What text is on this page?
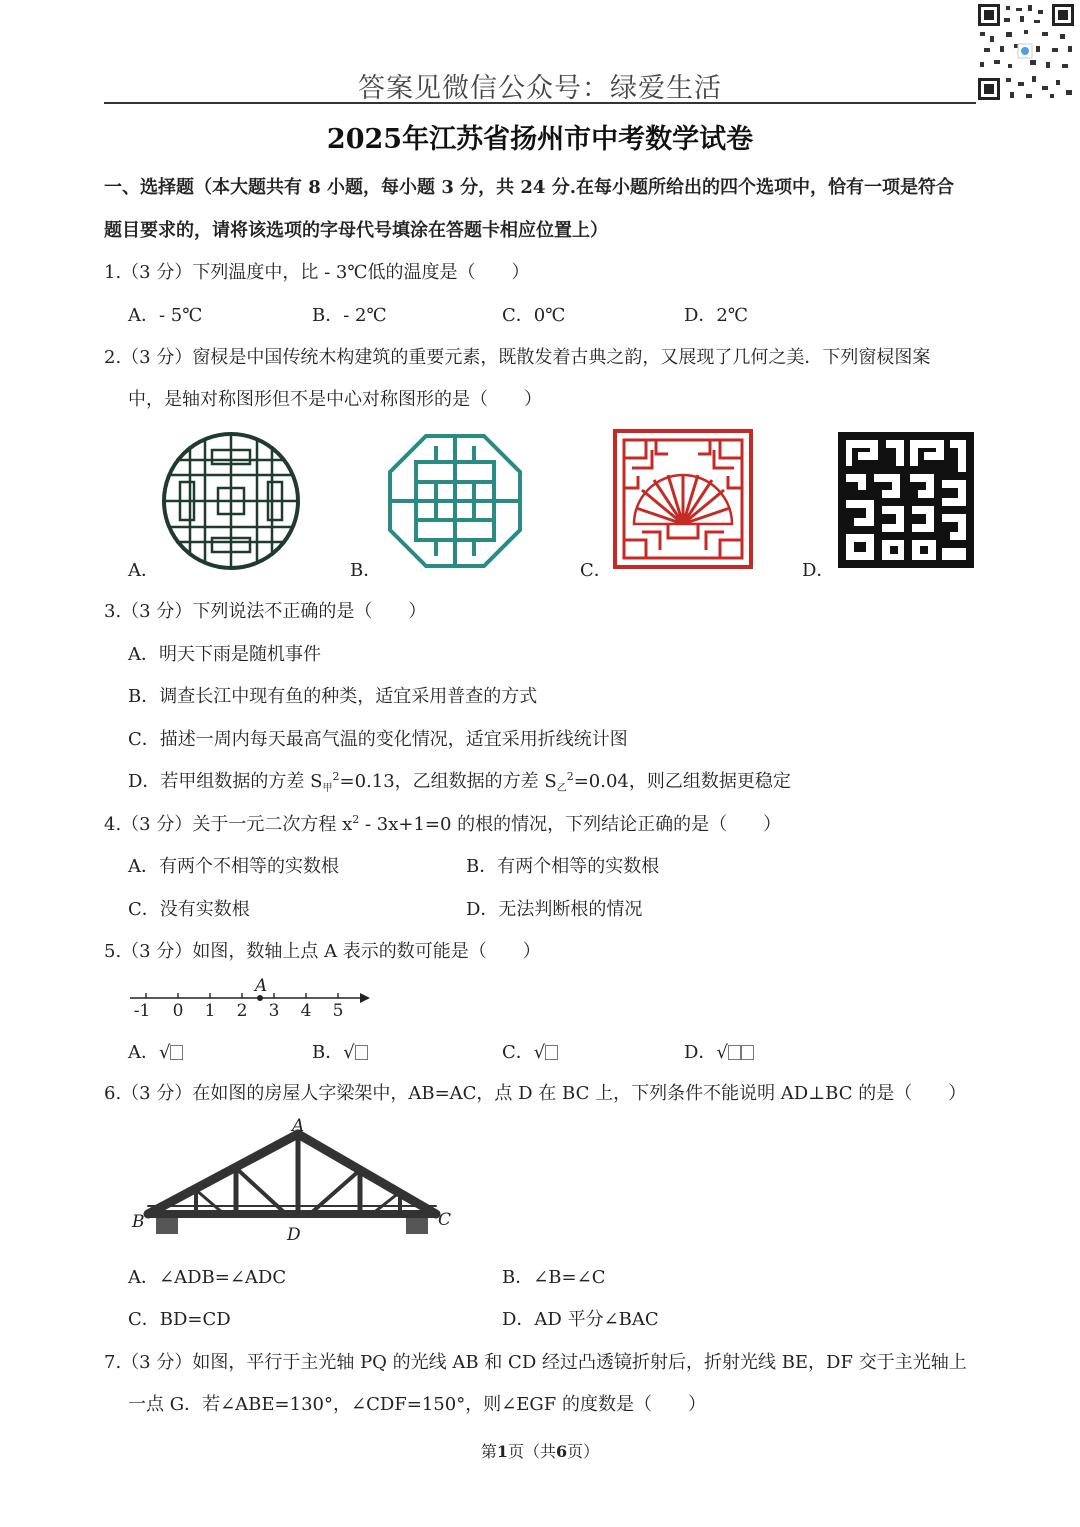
答案见微信公众号：绿爱生活
2025年江苏省扬州市中考数学试卷
一、选择题（本大题共有 8 小题，每小题 3 分，共 24 分.在每小题所给出的四个选项中，恰有一项是符合
题目要求的，请将该选项的字母代号填涂在答题卡相应位置上）
1.（3 分）下列温度中，比 - 3℃低的温度是（　　）
A．- 5℃	B．- 2℃	C．0℃	D．2℃
2.（3 分）窗棂是中国传统木构建筑的重要元素，既散发着古典之韵，又展现了几何之美．下列窗棂图案
中，是轴对称图形但不是中心对称图形的是（　　）
A．	B．	C．	D．
3.（3 分）下列说法不正确的是（　　）
A．明天下雨是随机事件
B．调查长江中现有鱼的种类，适宜采用普查的方式
C．描述一周内每天最高气温的变化情况，适宜采用折线统计图
D．若甲组数据的方差 $S_甲^2=0.13$，乙组数据的方差 $S_乙^2=0.04$，则乙组数据更稳定
4.（3 分）关于一元二次方程 $x^2 - 3x+1=0$ 的根的情况，下列结论正确的是（　　）
A．有两个不相等的实数根	B．有两个相等的实数根
C．没有实数根	D．无法判断根的情况
5.（3 分）如图，数轴上点 A 表示的数可能是（　　）
-1 0 1 2 3 4 5
A
A．√	B．√	C．√	D．√
6.（3 分）在如图的房屋人字梁架中，AB=AC，点 D 在 BC 上，下列条件不能说明 AD⊥BC 的是（　　）
A
B	C
D
A．∠ADB=∠ADC	B．∠B=∠C
C．BD=CD	D．AD 平分∠BAC
7.（3 分）如图，平行于主光轴 PQ 的光线 AB 和 CD 经过凸透镜折射后，折射光线 BE，DF 交于主光轴上
一点 G．若∠ABE=130°，∠CDF=150°，则∠EGF 的度数是（　　）
第1页（共6页）
